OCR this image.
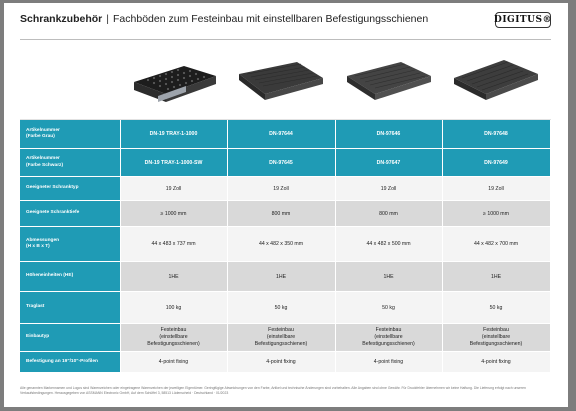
Schrankzubehör | Fachböden zum Festeinbau mit einstellbaren Befestigungsschienen	DIGITUS®

Artikelnummer
(Farbe Grau)	DN-19 TRAY-1-1000	DN-97644	DN-97646	DN-97648
Artikelnummer
(Farbe Schwarz)	DN-19 TRAY-1-1000-SW	DN-97645	DN-97647	DN-97649
Geeigneter Schranktyp	19 Zoll	19 Zoll	19 Zoll	19 Zoll
Geeignete Schranktiefe	≥ 1000 mm	800 mm	800 mm	≥ 1000 mm
Abmessungen
(H x B x T)	44 x 483 x 737 mm	44 x 482 x 350 mm	44 x 482 x 500 mm	44 x 482 x 700 mm
Höheneinheiten (HE)	1HE	1HE	1HE	1HE
Traglast	100 kg	50 kg	50 kg	50 kg
Einbautyp	Festeinbau
(einstellbare
Befestigungsschienen)	Festeinbau
(einstellbare
Befestigungsschienen)	Festeinbau
(einstellbare
Befestigungsschienen)	Festeinbau
(einstellbare
Befestigungsschienen)
Befestigung an 19"/10"-Profilen	4-point fixing	4-point fixing	4-point fixing	4-point fixing
Alle genannten Markennamen und Logos sind Warenzeichen oder eingetragene Warenzeichen der jeweiligen Eigentümer. Geringfügige Abweichungen von den Farbe, Artikel und technische Änderungen sind vorbehalten. Alle Angaben sind ohne Gewähr. Für Druckfehler übernehmen wir keine Haftung. Die Lieferung erfolgt nach unseren Verkaufsbedingungen. Herausgegeben von ASSMANN Electronic GmbH, Auf dem Schüffel 3, 58513 Lüdenscheid · Deutschland · 01/2023
